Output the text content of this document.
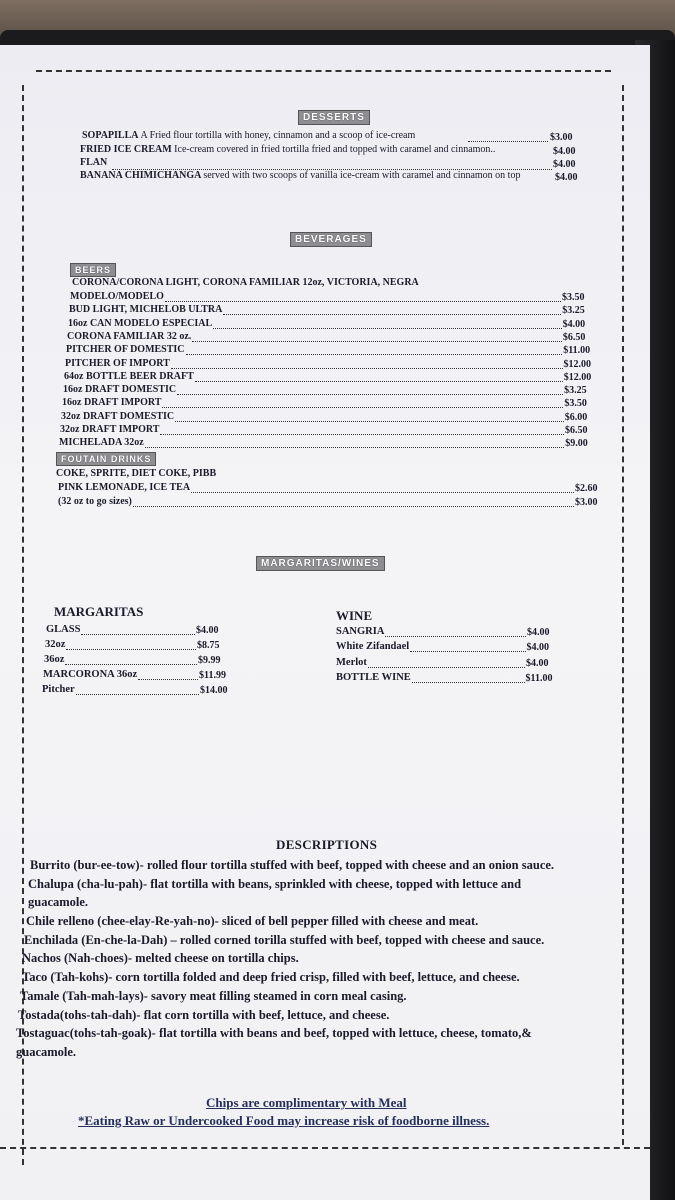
DESSERTS
SOPAPILLA A Fried flour tortilla with honey, cinnamon and a scoop of ice-cream	$3.00
FRIED ICE CREAM Ice-cream covered in fried tortilla fried and topped with caramel and cinnamon..	$4.00
FLAN	$4.00
BANANA CHIMICHANGA served with two scoops of vanilla ice-cream with caramel and cinnamon on top	$4.00
BEVERAGES
BEERS
CORONA/CORONA LIGHT, CORONA FAMILIAR 12oz, VICTORIA, NEGRA
MODELO/MODELO	$3.50
BUD LIGHT, MICHELOB ULTRA	$3.25
16oz CAN MODELO ESPECIAL	$4.00
CORONA FAMILIAR 32 oz.	$6.50
PITCHER OF DOMESTIC	$11.00
PITCHER OF IMPORT	$12.00
64oz BOTTLE BEER DRAFT	$12.00
16oz DRAFT DOMESTIC	$3.25
16oz DRAFT IMPORT	$3.50
32oz DRAFT DOMESTIC	$6.00
32oz DRAFT IMPORT	$6.50
MICHELADA 32oz	$9.00
FOUTAIN DRINKS
COKE, SPRITE, DIET COKE, PIBB
PINK LEMONADE, ICE TEA	$2.60
(32 oz to go sizes)	$3.00
MARGARITAS/WINES
MARGARITAS
GLASS	$4.00
32oz	$8.75
36oz	$9.99
MARCORONA 36oz	$11.99
Pitcher	$14.00
WINE
SANGRIA	$4.00
White Zifandael	$4.00
Merlot	$4.00
BOTTLE WINE	$11.00
DESCRIPTIONS
Burrito (bur-ee-tow)- rolled flour tortilla stuffed with beef, topped with cheese and an onion sauce.
Chalupa (cha-lu-pah)- flat tortilla with beans, sprinkled with cheese, topped with lettuce and
guacamole.
Chile relleno (chee-elay-Re-yah-no)- sliced of bell pepper filled with cheese and meat.
Enchilada (En-che-la-Dah) – rolled corned torilla stuffed with beef, topped with cheese and sauce.
Nachos (Nah-choes)- melted cheese on tortilla chips.
Taco (Tah-kohs)- corn tortilla folded and deep fried crisp, filled with beef, lettuce, and cheese.
Tamale (Tah-mah-lays)- savory meat filling steamed in corn meal casing.
Tostada(tohs-tah-dah)- flat corn tortilla with beef, lettuce, and cheese.
Tostaguac(tohs-tah-goak)- flat tortilla with beans and beef, topped with lettuce, cheese, tomato,&
guacamole.
Chips are complimentary with Meal
*Eating Raw or Undercooked Food may increase risk of foodborne illness.
